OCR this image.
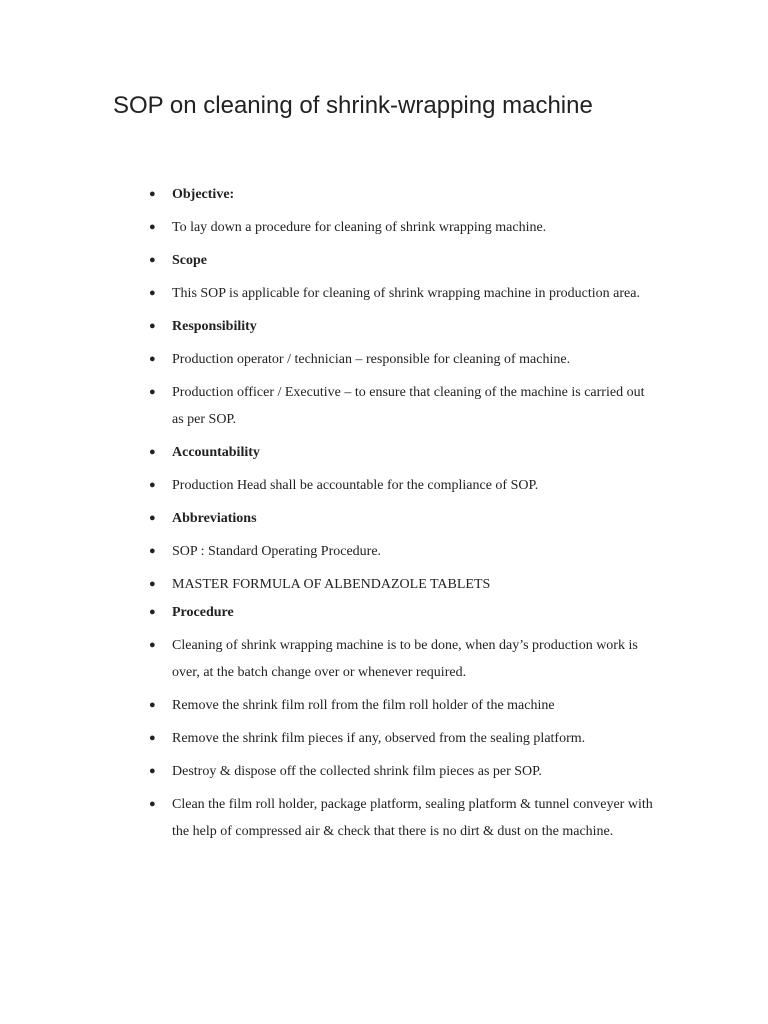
SOP on cleaning of shrink-wrapping machine
● Objective:
● To lay down a procedure for cleaning of shrink wrapping machine.
● Scope
● This SOP is applicable for cleaning of shrink wrapping machine in production area.
● Responsibility
● Production operator / technician – responsible for cleaning of machine.
● Production officer / Executive – to ensure that cleaning of the machine is carried out as per SOP.
● Accountability
● Production Head shall be accountable for the compliance of SOP.
● Abbreviations
● SOP : Standard Operating Procedure.
● MASTER FORMULA OF ALBENDAZOLE TABLETS
● Procedure
● Cleaning of shrink wrapping machine is to be done, when day’s production work is over, at the batch change over or whenever required.
● Remove the shrink film roll from the film roll holder of the machine
● Remove the shrink film pieces if any, observed from the sealing platform.
● Destroy & dispose off the collected shrink film pieces as per SOP.
● Clean the film roll holder, package platform, sealing platform & tunnel conveyer with the help of compressed air & check that there is no dirt & dust on the machine.
